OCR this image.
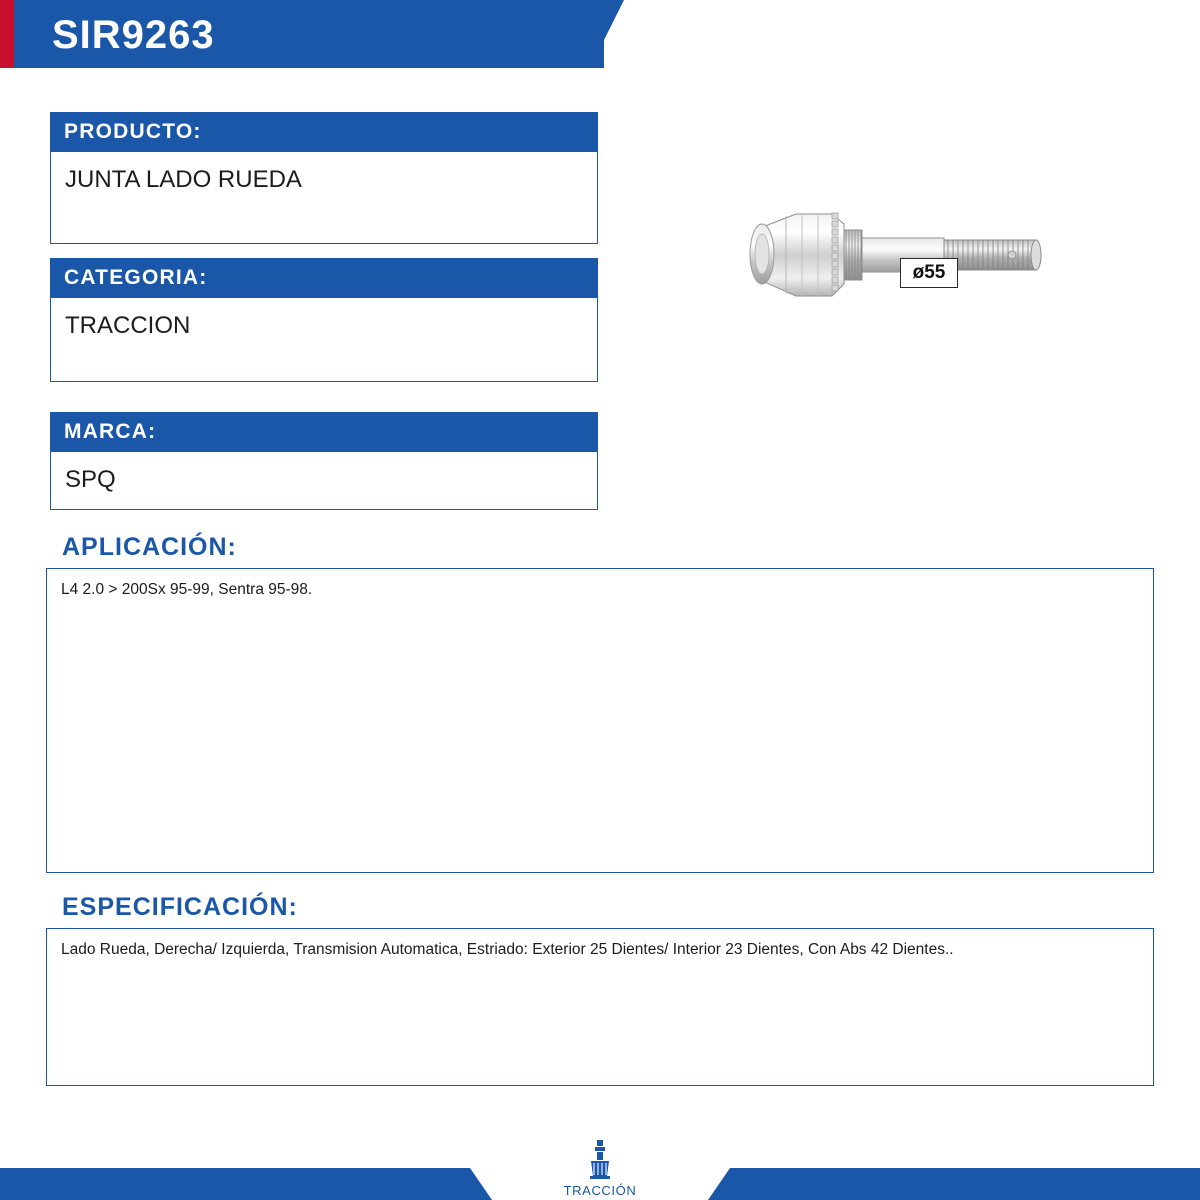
SIR9263
PRODUCTO:
JUNTA LADO RUEDA
CATEGORIA:
TRACCION
MARCA:
SPQ
ø55
APLICACIÓN:
L4 2.0 > 200Sx 95-99, Sentra 95-98.
ESPECIFICACIÓN:
Lado Rueda, Derecha/ Izquierda, Transmision Automatica, Estriado: Exterior 25 Dientes/ Interior 23 Dientes, Con Abs 42 Dientes..
TRACCIÓN
